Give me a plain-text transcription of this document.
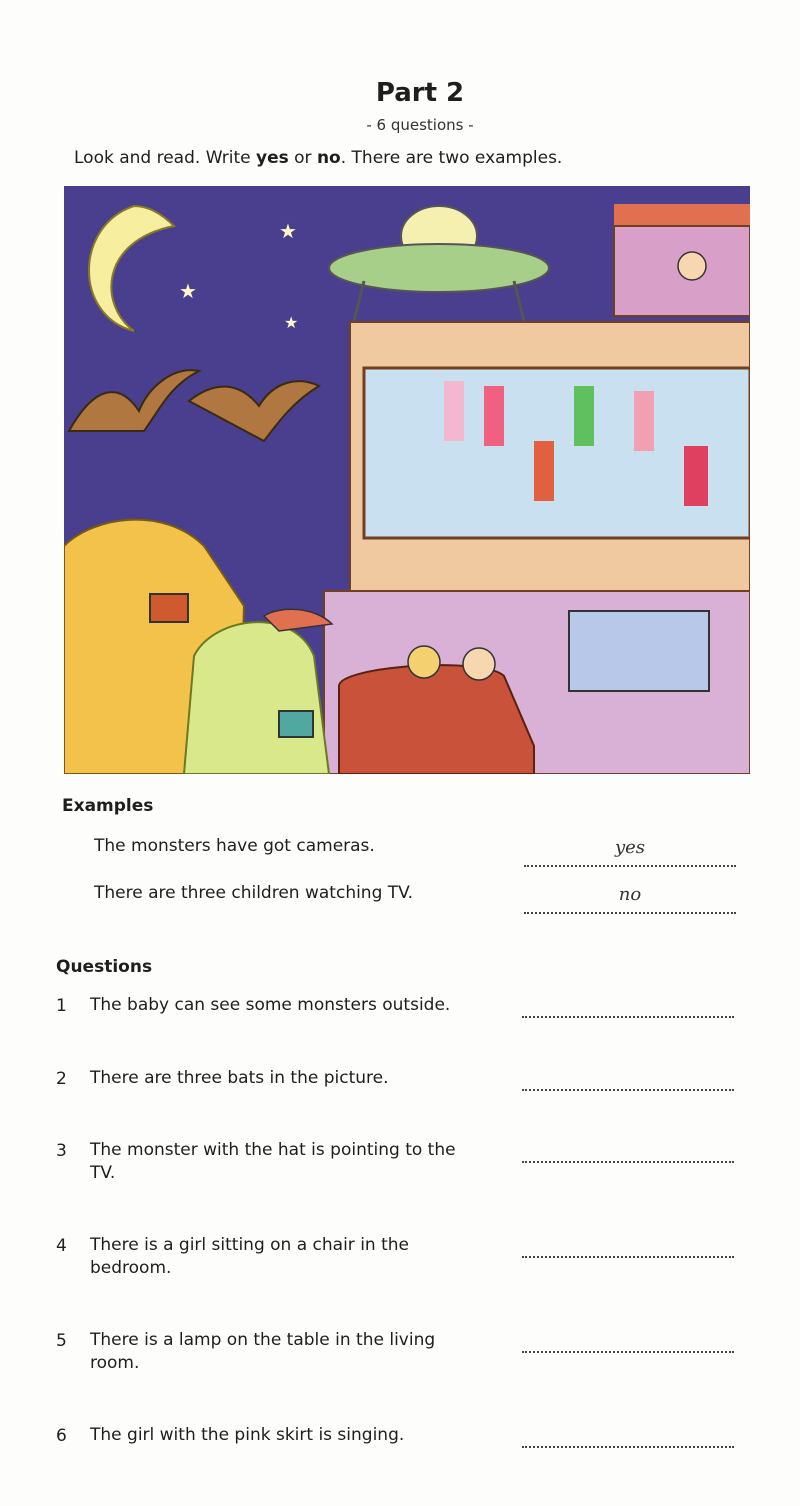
Part 2
- 6 questions -
Look and read. Write yes or no. There are two examples.
★
★
★
Examples
The monsters have got cameras.	yes
There are three children watching TV.	no
Questions
1 The baby can see some monsters outside.
2 There are three bats in the picture.
3 The monster with the hat is pointing to the TV.
4 There is a girl sitting on a chair in the bedroom.
5 There is a lamp on the table in the living room.
6 The girl with the pink skirt is singing.
